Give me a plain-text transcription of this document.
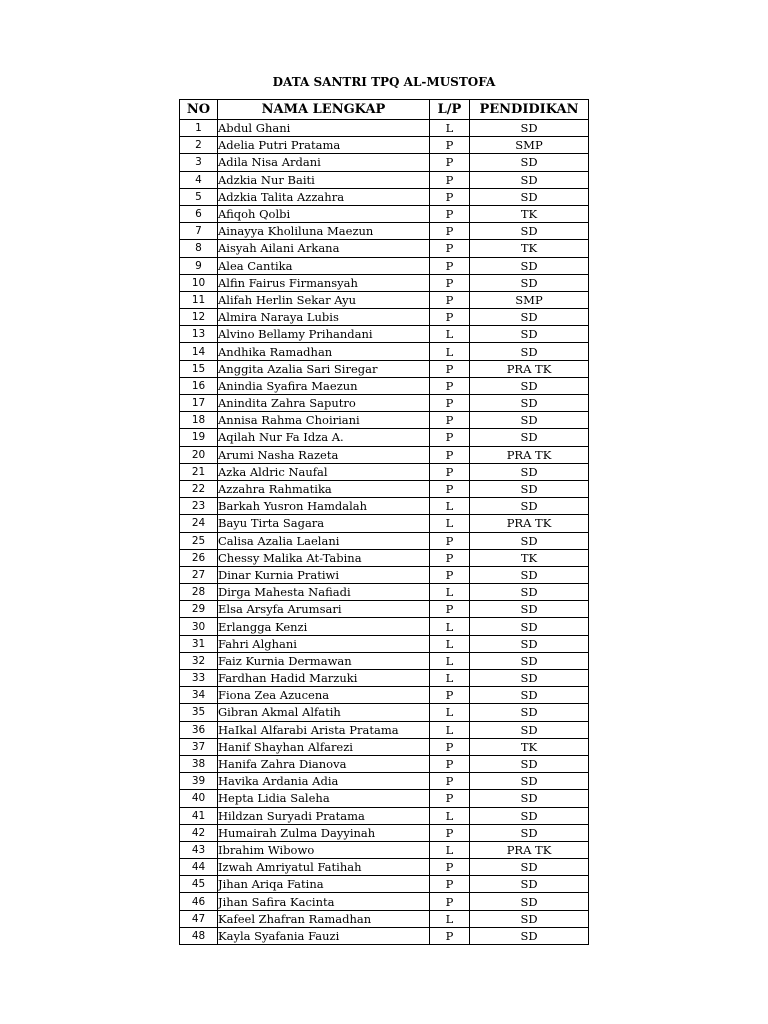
DATA SANTRI TPQ AL-MUSTOFA
NO	NAMA LENGKAP	L/P	PENDIDIKAN
1	Abdul Ghani	L	SD
2	Adelia Putri Pratama	P	SMP
3	Adila Nisa Ardani	P	SD
4	Adzkia Nur Baiti	P	SD
5	Adzkia Talita Azzahra	P	SD
6	Afiqoh Qolbi	P	TK
7	Ainayya Kholiluna Maezun	P	SD
8	Aisyah Ailani Arkana	P	TK
9	Alea Cantika	P	SD
10	Alfin Fairus Firmansyah	P	SD
11	Alifah Herlin Sekar Ayu	P	SMP
12	Almira Naraya Lubis	P	SD
13	Alvino Bellamy Prihandani	L	SD
14	Andhika Ramadhan	L	SD
15	Anggita Azalia Sari Siregar	P	PRA TK
16	Anindia Syafira Maezun	P	SD
17	Anindita Zahra Saputro	P	SD
18	Annisa Rahma Choiriani	P	SD
19	Aqilah Nur Fa Idza A.	P	SD
20	Arumi Nasha Razeta	P	PRA TK
21	Azka Aldric Naufal	P	SD
22	Azzahra Rahmatika	P	SD
23	Barkah Yusron Hamdalah	L	SD
24	Bayu Tirta Sagara	L	PRA TK
25	Calisa Azalia Laelani	P	SD
26	Chessy Malika At-Tabina	P	TK
27	Dinar Kurnia Pratiwi	P	SD
28	Dirga Mahesta Nafiadi	L	SD
29	Elsa Arsyfa Arumsari	P	SD
30	Erlangga Kenzi	L	SD
31	Fahri Alghani	L	SD
32	Faiz Kurnia Dermawan	L	SD
33	Fardhan Hadid Marzuki	L	SD
34	Fiona Zea Azucena	P	SD
35	Gibran Akmal Alfatih	L	SD
36	HaIkal Alfarabi Arista Pratama	L	SD
37	Hanif Shayhan Alfarezi	P	TK
38	Hanifa Zahra Dianova	P	SD
39	Havika Ardania Adia	P	SD
40	Hepta Lidia Saleha	P	SD
41	Hildzan Suryadi Pratama	L	SD
42	Humairah Zulma Dayyinah	P	SD
43	Ibrahim Wibowo	L	PRA TK
44	Izwah Amriyatul Fatihah	P	SD
45	Jihan Ariqa Fatina	P	SD
46	Jihan Safira Kacinta	P	SD
47	Kafeel Zhafran Ramadhan	L	SD
48	Kayla Syafania Fauzi	P	SD
